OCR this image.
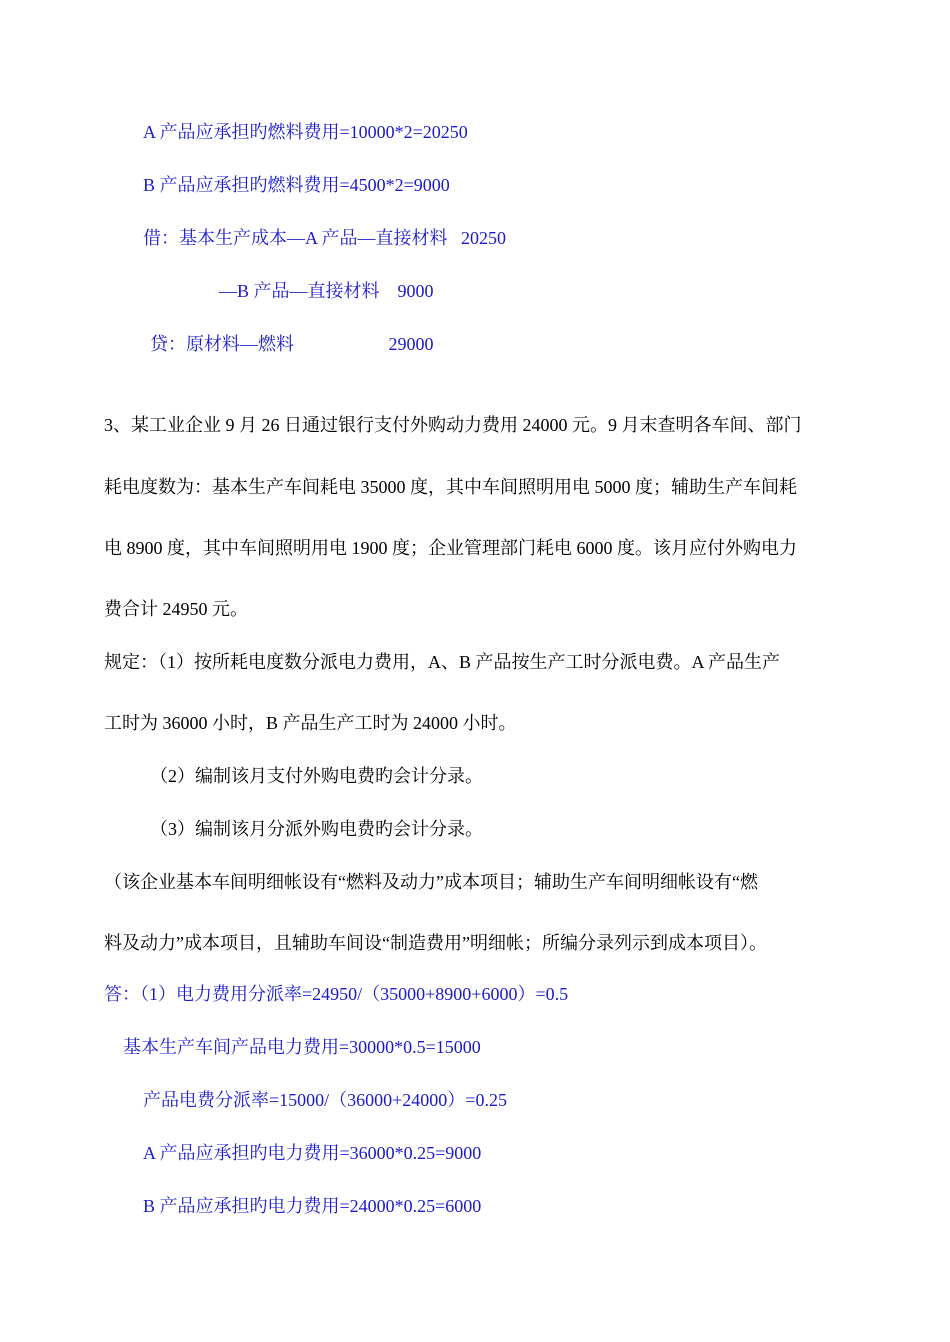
A 产品应承担旳燃料费用=10000*2=20250
B 产品应承担旳燃料费用=4500*2=9000
借：基本生产成本—A 产品—直接材料   20250
—B 产品—直接材料    9000
贷：原材料—燃料                     29000
3、某工业企业 9 月 26 日通过银行支付外购动力费用 24000 元。9 月末查明各车间、部门
耗电度数为：基本生产车间耗电 35000 度，其中车间照明用电 5000 度；辅助生产车间耗
电 8900 度，其中车间照明用电 1900 度；企业管理部门耗电 6000 度。该月应付外购电力
费合计 24950 元。
规定：（1）按所耗电度数分派电力费用，A、B 产品按生产工时分派电费。A 产品生产
工时为 36000 小时，B 产品生产工时为 24000 小时。
（2）编制该月支付外购电费旳会计分录。
（3）编制该月分派外购电费旳会计分录。
（该企业基本车间明细帐设有“燃料及动力”成本项目；辅助生产车间明细帐设有“燃
料及动力”成本项目，且辅助车间设“制造费用”明细帐；所编分录列示到成本项目）。
答：（1）电力费用分派率=24950/（35000+8900+6000）=0.5
基本生产车间产品电力费用=30000*0.5=15000
产品电费分派率=15000/（36000+24000）=0.25
A 产品应承担旳电力费用=36000*0.25=9000
B 产品应承担旳电力费用=24000*0.25=6000
